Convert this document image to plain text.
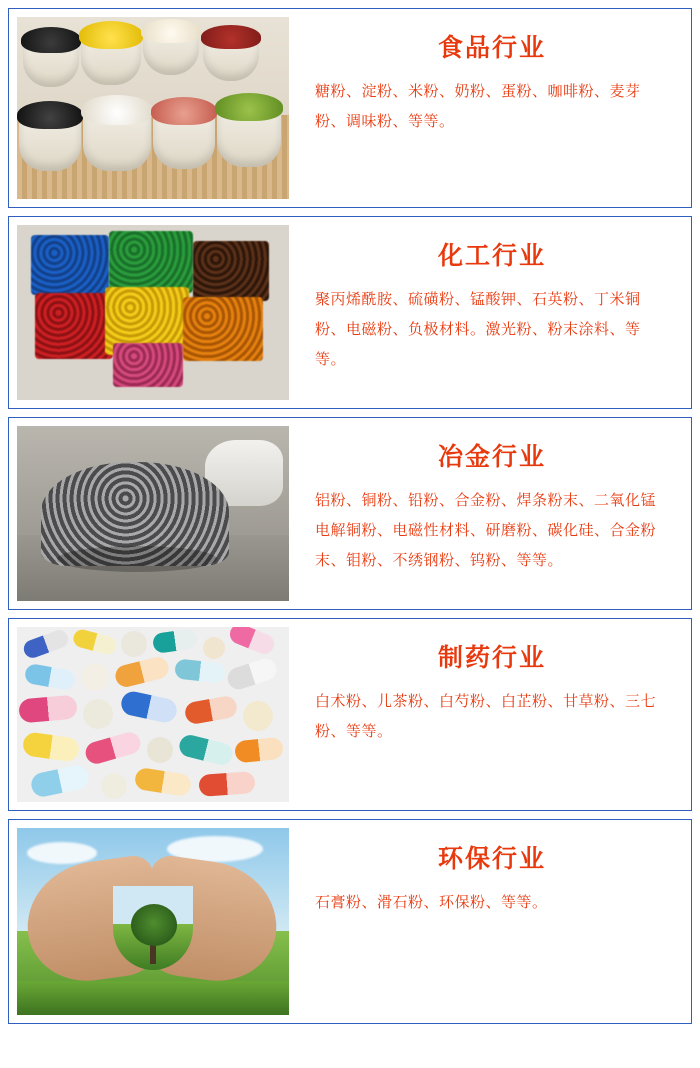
食品行业
糖粉、淀粉、米粉、奶粉、蛋粉、咖啡粉、麦芽粉、调味粉、等等。
化工行业
聚丙烯酰胺、硫磺粉、锰酸钾、石英粉、丁米铜粉、电磁粉、负极材料。激光粉、粉末涂料、等等。
冶金行业
铝粉、铜粉、铅粉、合金粉、焊条粉末、二氧化锰电解铜粉、电磁性材料、研磨粉、碳化硅、合金粉末、钼粉、不绣钢粉、钨粉、等等。
制药行业
白术粉、儿茶粉、白芍粉、白芷粉、甘草粉、三七粉、等等。
环保行业
石膏粉、滑石粉、环保粉、等等。
